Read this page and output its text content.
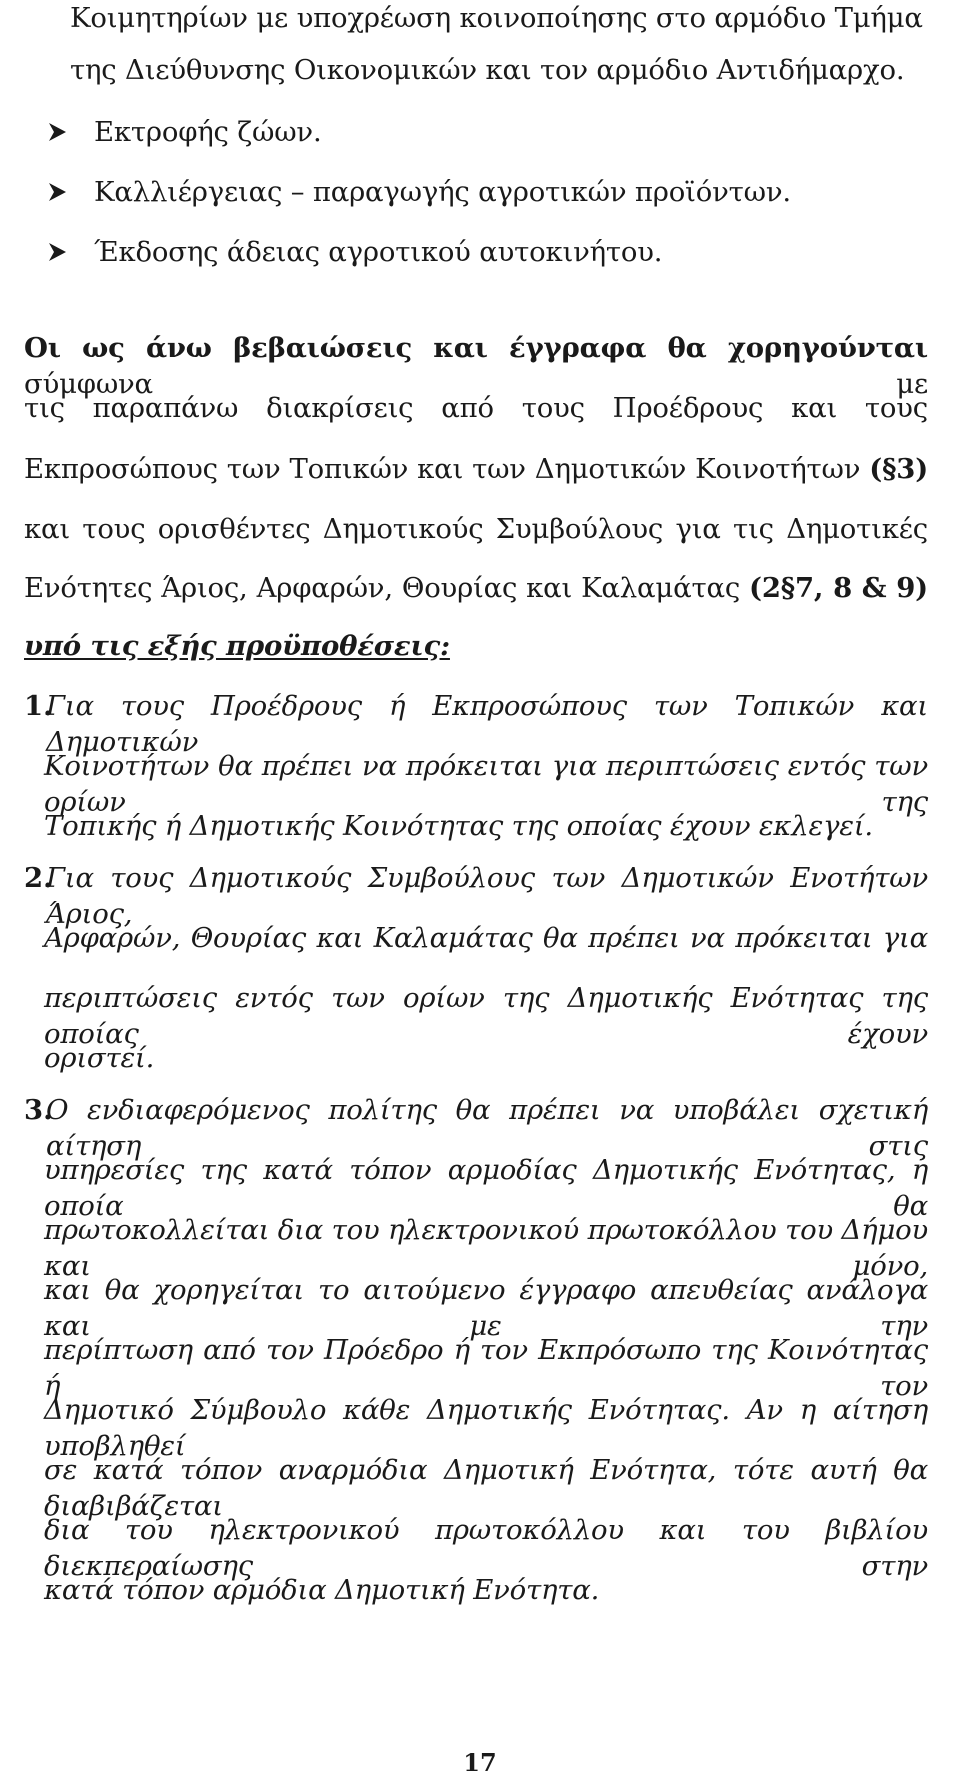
Κοιμητηρίων με υποχρέωση κοινοποίησης στο αρμόδιο Τμήμα
της Διεύθυνσης Οικονομικών και τον αρμόδιο Αντιδήμαρχο.
Εκτροφής ζώων.
Καλλιέργειας – παραγωγής αγροτικών προϊόντων.
Έκδοσης άδειας αγροτικού αυτοκινήτου.
Οι ως άνω βεβαιώσεις και έγγραφα θα χορηγούνται σύμφωνα με
τις παραπάνω διακρίσεις από τους Προέδρους και τους
Εκπροσώπους των Τοπικών και των Δημοτικών Κοινοτήτων (§3)
και τους ορισθέντες Δημοτικούς Συμβούλους για τις Δημοτικές
Ενότητες Άριος, Αρφαρών, Θουρίας και Καλαμάτας (2§7, 8 & 9)
υπό τις εξής προϋποθέσεις:
1.
Για τους Προέδρους ή Εκπροσώπους των Τοπικών και Δημοτικών
Κοινοτήτων θα πρέπει να πρόκειται για περιπτώσεις εντός των ορίων της
Τοπικής ή Δημοτικής Κοινότητας της οποίας έχουν εκλεγεί.
2.
Για τους Δημοτικούς Συμβούλους των Δημοτικών Ενοτήτων Άριος,
Αρφαρών, Θουρίας και Καλαμάτας θα πρέπει να πρόκειται για
περιπτώσεις εντός των ορίων της Δημοτικής Ενότητας της οποίας έχουν
οριστεί.
3.
Ο ενδιαφερόμενος πολίτης θα πρέπει να υποβάλει σχετική αίτηση στις
υπηρεσίες της κατά τόπον αρμοδίας Δημοτικής Ενότητας, η οποία θα
πρωτοκολλείται δια του ηλεκτρονικού πρωτοκόλλου του Δήμου και μόνο,
και θα χορηγείται το αιτούμενο έγγραφο απευθείας ανάλογα και με την
περίπτωση από τον Πρόεδρο ή τον Εκπρόσωπο της Κοινότητας ή τον
Δημοτικό Σύμβουλο κάθε Δημοτικής Ενότητας. Αν η αίτηση υποβληθεί
σε κατά τόπον αναρμόδια Δημοτική Ενότητα, τότε αυτή θα διαβιβάζεται
δια του ηλεκτρονικού πρωτοκόλλου και του βιβλίου διεκπεραίωσης στην
κατά τόπον αρμόδια Δημοτική Ενότητα.
17
